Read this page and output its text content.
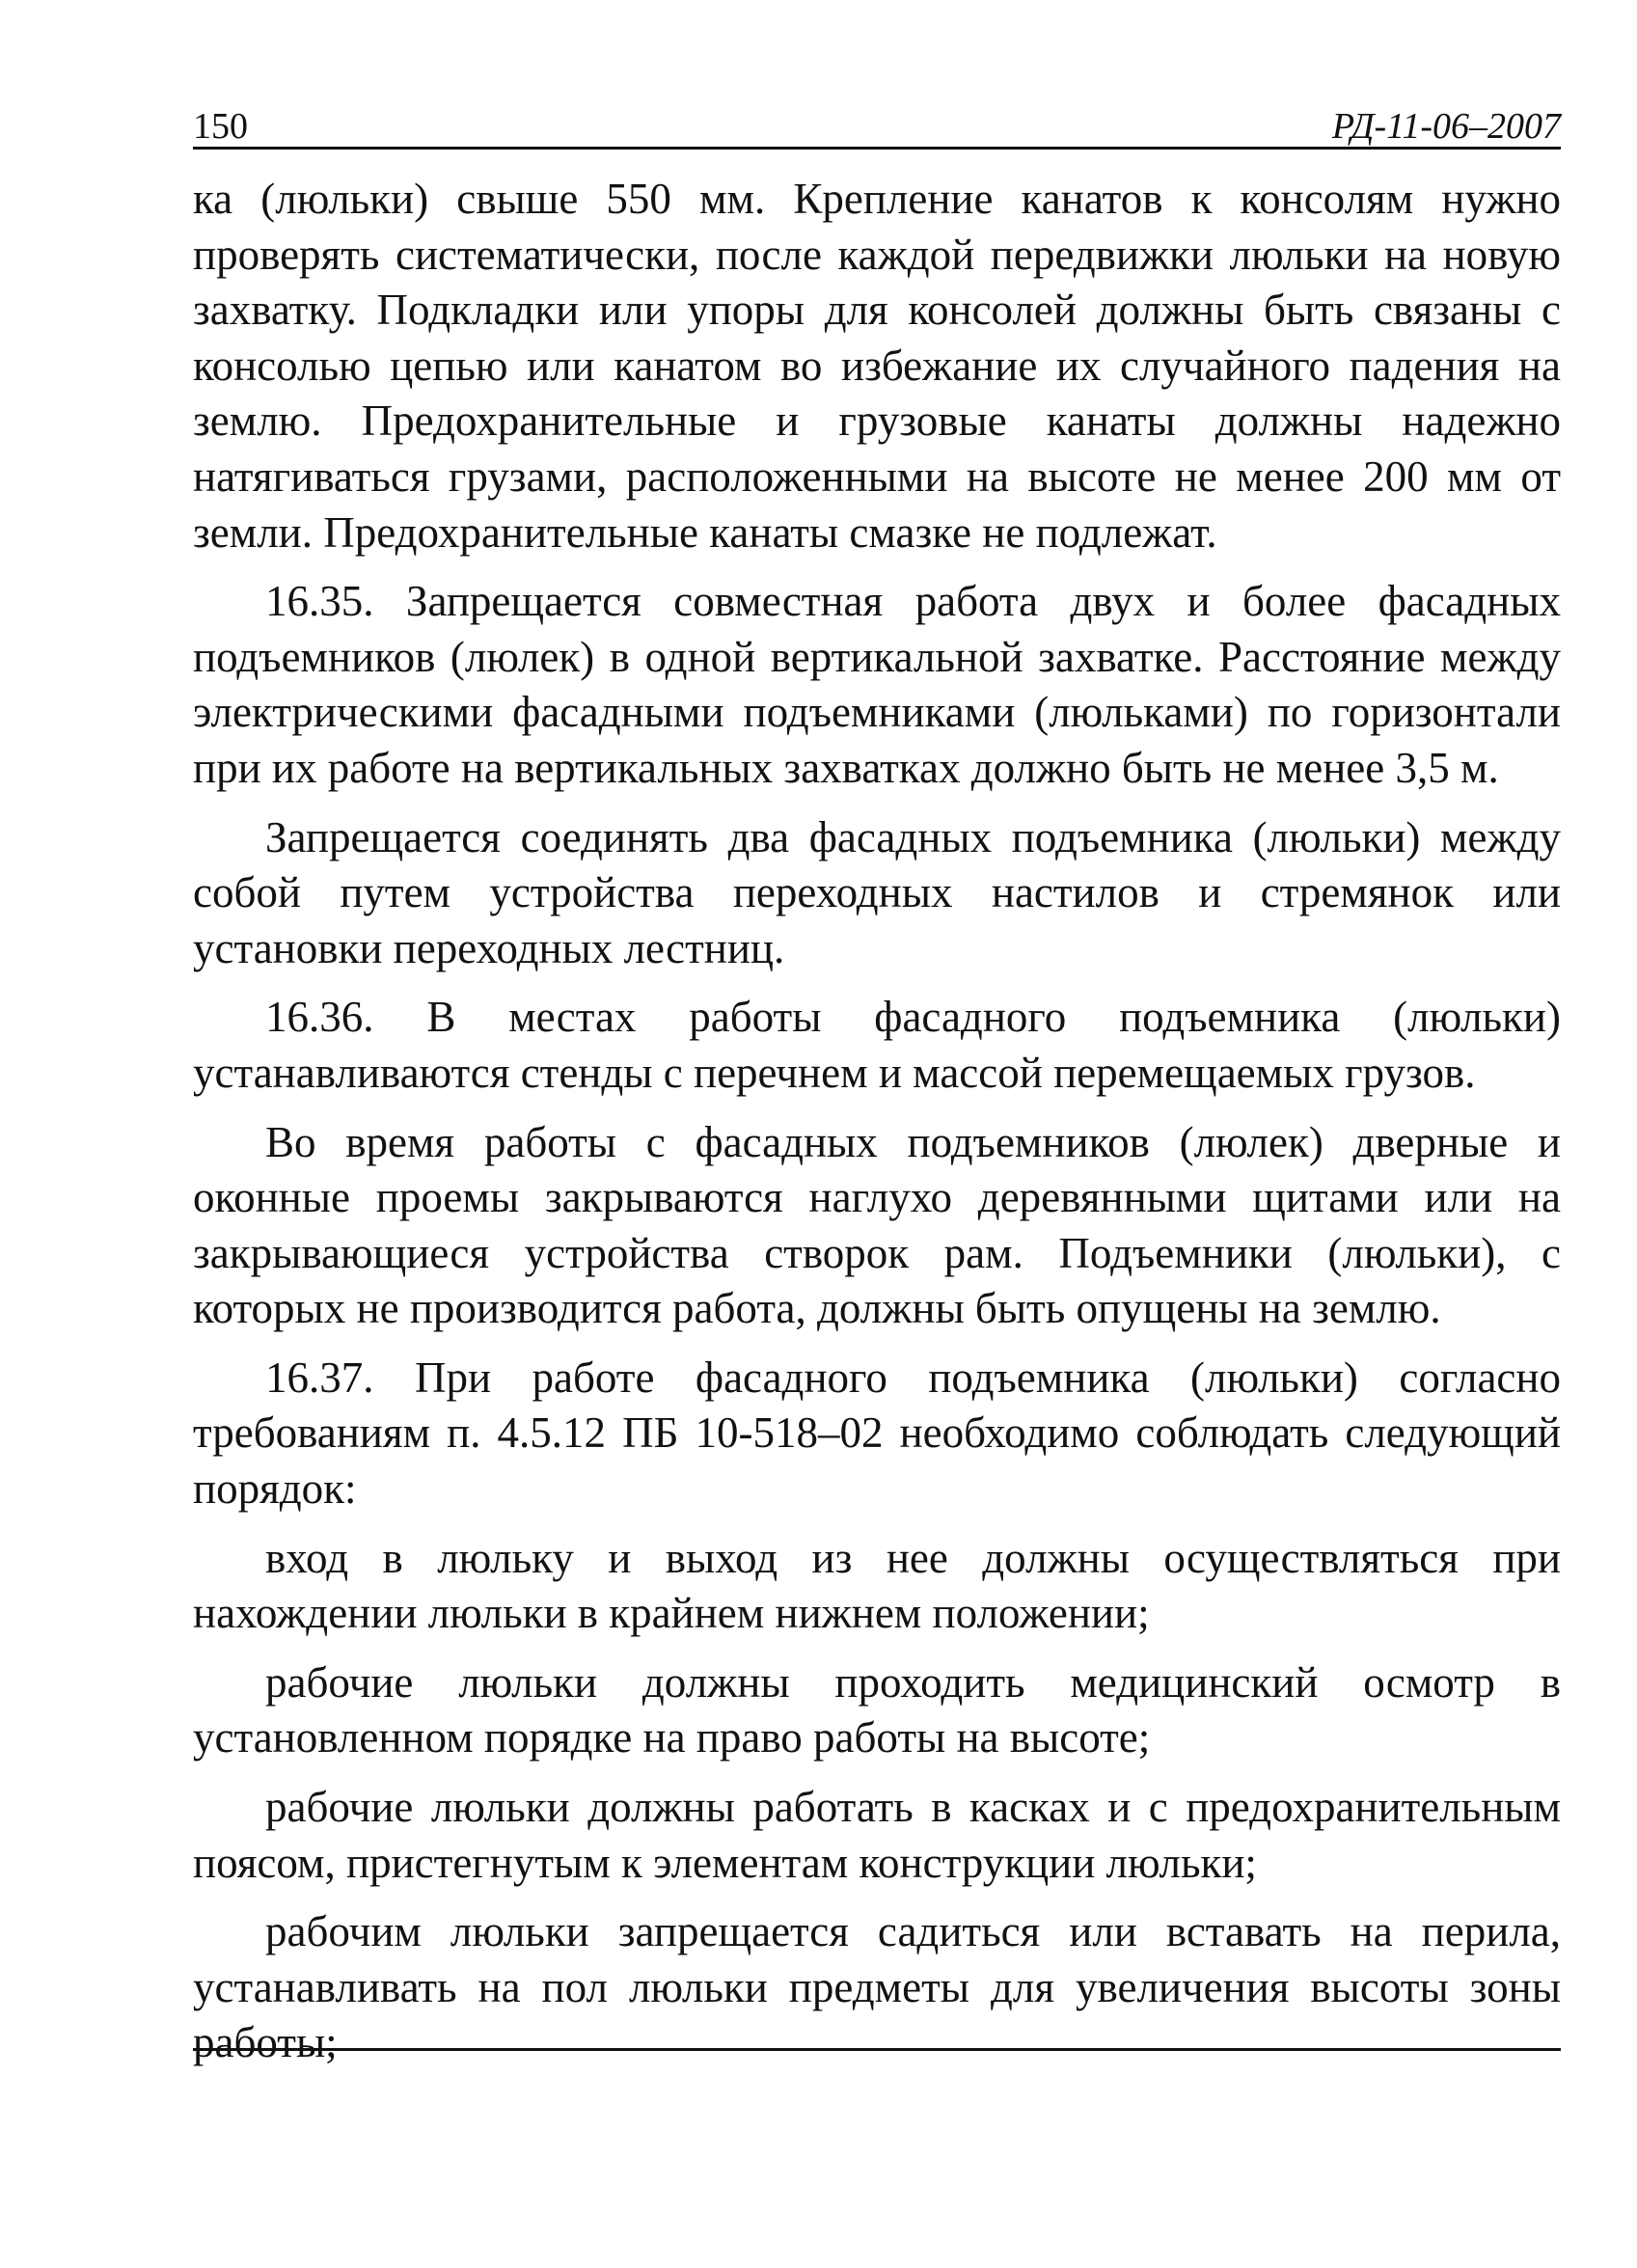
150	РД-11-06–2007

ка (люльки) свыше 550 мм. Крепление канатов к консолям нужно проверять систематически, после каждой передвижки люльки на новую захватку. Подкладки или упоры для консолей должны быть связаны с консолью цепью или канатом во избежание их случайного падения на землю. Предохранительные и грузовые канаты должны надежно натягиваться грузами, расположенными на высоте не менее 200 мм от земли. Предохранительные канаты смазке не подлежат.

16.35. Запрещается совместная работа двух и более фасадных подъемников (люлек) в одной вертикальной захватке. Расстояние между электрическими фасадными подъемниками (люльками) по горизонтали при их работе на вертикальных захватках должно быть не менее 3,5 м.

Запрещается соединять два фасадных подъемника (люльки) между собой путем устройства переходных настилов и стремянок или установки переходных лестниц.

16.36. В местах работы фасадного подъемника (люльки) устанавливаются стенды с перечнем и массой перемещаемых грузов.

Во время работы с фасадных подъемников (люлек) дверные и оконные проемы закрываются наглухо деревянными щитами или на закрывающиеся устройства створок рам. Подъемники (люльки), с которых не производится работа, должны быть опущены на землю.

16.37. При работе фасадного подъемника (люльки) согласно требованиям п. 4.5.12 ПБ 10-518–02 необходимо соблюдать следующий порядок:

вход в люльку и выход из нее должны осуществляться при нахождении люльки в крайнем нижнем положении;

рабочие люльки должны проходить медицинский осмотр в установленном порядке на право работы на высоте;

рабочие люльки должны работать в касках и с предохранительным поясом, пристегнутым к элементам конструкции люльки;

рабочим люльки запрещается садиться или вставать на перила, устанавливать на пол люльки предметы для увеличения высоты зоны работы;
